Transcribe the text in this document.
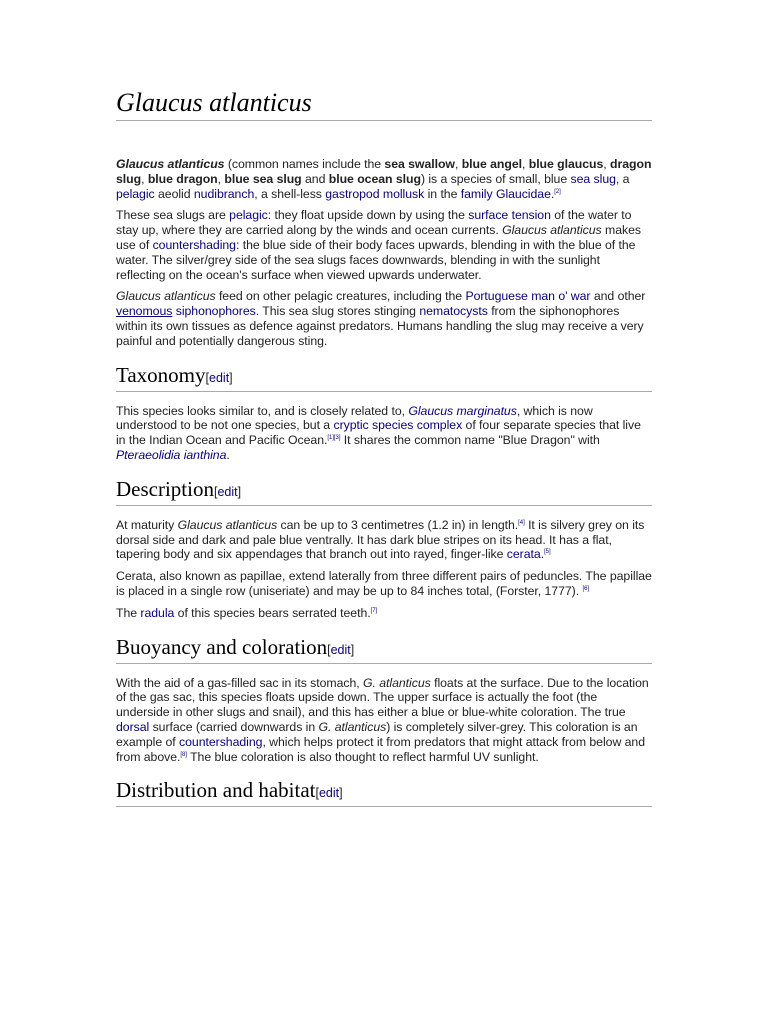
Glaucus atlanticus

Glaucus atlanticus (common names include the sea swallow, blue angel, blue glaucus, dragon slug, blue dragon, blue sea slug and blue ocean slug) is a species of small, blue sea slug, a pelagic aeolid nudibranch, a shell-less gastropod mollusk in the family Glaucidae.[2]

These sea slugs are pelagic: they float upside down by using the surface tension of the water to stay up, where they are carried along by the winds and ocean currents. Glaucus atlanticus makes use of countershading: the blue side of their body faces upwards, blending in with the blue of the water. The silver/grey side of the sea slugs faces downwards, blending in with the sunlight reflecting on the ocean's surface when viewed upwards underwater.

Glaucus atlanticus feed on other pelagic creatures, including the Portuguese man o' war and other venomous siphonophores. This sea slug stores stinging nematocysts from the siphonophores within its own tissues as defence against predators. Humans handling the slug may receive a very painful and potentially dangerous sting.

Taxonomy[edit]

This species looks similar to, and is closely related to, Glaucus marginatus, which is now understood to be not one species, but a cryptic species complex of four separate species that live in the Indian Ocean and Pacific Ocean.[1][3] It shares the common name "Blue Dragon" with Pteraeolidia ianthina.

Description[edit]

At maturity Glaucus atlanticus can be up to 3 centimetres (1.2 in) in length.[4] It is silvery grey on its dorsal side and dark and pale blue ventrally. It has dark blue stripes on its head. It has a flat, tapering body and six appendages that branch out into rayed, finger-like cerata.[5]

Cerata, also known as papillae, extend laterally from three different pairs of peduncles. The papillae is placed in a single row (uniseriate) and may be up to 84 inches total, (Forster, 1777). [6]

The radula of this species bears serrated teeth.[7]

Buoyancy and coloration[edit]

With the aid of a gas-filled sac in its stomach, G. atlanticus floats at the surface. Due to the location of the gas sac, this species floats upside down. The upper surface is actually the foot (the underside in other slugs and snail), and this has either a blue or blue-white coloration. The true dorsal surface (carried downwards in G. atlanticus) is completely silver-grey. This coloration is an example of countershading, which helps protect it from predators that might attack from below and from above.[8] The blue coloration is also thought to reflect harmful UV sunlight.

Distribution and habitat[edit]
